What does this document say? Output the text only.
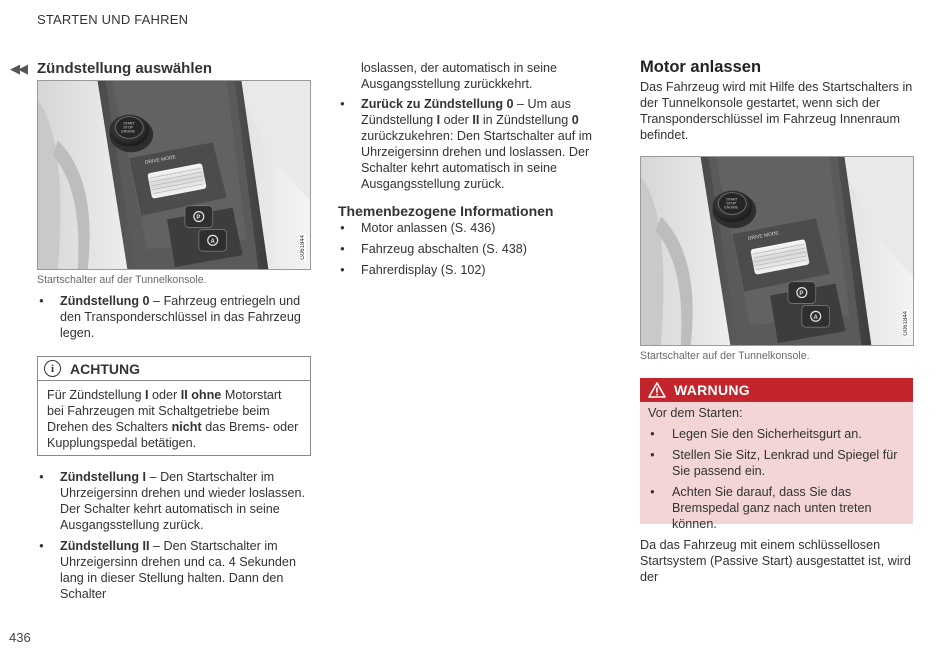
STARTEN UND FAHREN
◀◀ Zündstellung auswählen
G061844
Startschalter auf der Tunnelkonsole.
● Zündstellung 0 – Fahrzeug entriegeln und den Transponderschlüssel in das Fahrzeug legen.
i	ACHTUNG

Für Zündstellung I oder II ohne Motorstart bei Fahrzeugen mit Schaltgetriebe beim Drehen des Schalters nicht das Brems- oder Kupplungspedal betätigen.

● Zündstellung I – Den Startschalter im Uhrzeigersinn drehen und wieder loslassen. Der Schalter kehrt automatisch in seine Ausgangsstellung zurück.
● Zündstellung II – Den Startschalter im Uhrzeigersinn drehen und ca. 4 Sekunden lang in dieser Stellung halten. Dann den Schalter

loslassen, der automatisch in seine Ausgangsstellung zurückkehrt.

● Zurück zu Zündstellung 0 – Um aus Zündstellung I oder II in Zündstellung 0 zurückzukehren: Den Startschalter auf im Uhrzeigersinn drehen und loslassen. Der Schalter kehrt automatisch in seine Ausgangsstellung zurück.
Themenbezogene Informationen
● Motor anlassen (S. 436)
● Fahrzeug abschalten (S. 438)
● Fahrerdisplay (S. 102)
Motor anlassen

Das Fahrzeug wird mit Hilfe des Startschalters in der Tunnelkonsole gestartet, wenn sich der Transponderschlüssel im Fahrzeug Innenraum befindet.

G061844
Startschalter auf der Tunnelkonsole.
WARNUNG

Vor dem Starten:

● Legen Sie den Sicherheitsgurt an.
● Stellen Sie Sitz, Lenkrad und Spiegel für Sie passend ein.
● Achten Sie darauf, dass Sie das Bremspedal ganz nach unten treten können.

Da das Fahrzeug mit einem schlüssellosen Startsystem (Passive Start) ausgestattet ist, wird der

436
